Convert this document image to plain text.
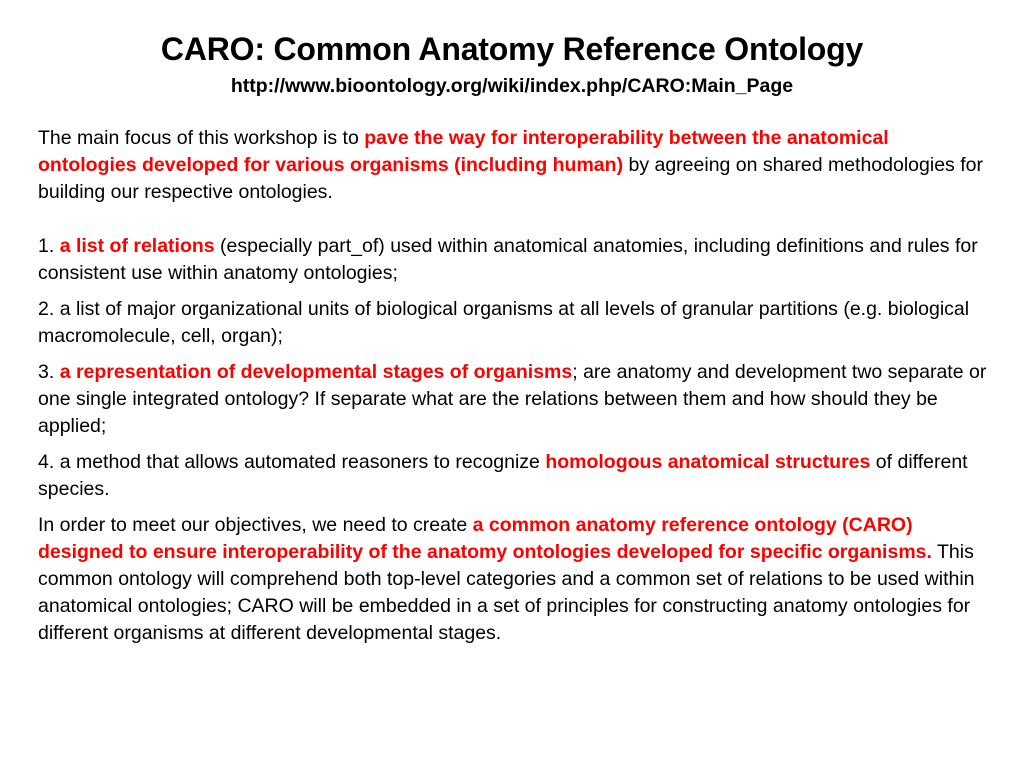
CARO: Common Anatomy Reference Ontology
http://www.bioontology.org/wiki/index.php/CARO:Main_Page

The main focus of this workshop is to pave the way for interoperability between the anatomical ontologies developed for various organisms (including human) by agreeing on shared methodologies for building our respective ontologies.

1. a list of relations (especially part_of) used within anatomical anatomies, including definitions and rules for consistent use within anatomy ontologies;

2. a list of major organizational units of biological organisms at all levels of granular partitions (e.g. biological macromolecule, cell, organ);

3. a representation of developmental stages of organisms; are anatomy and development two separate or one single integrated ontology? If separate what are the relations between them and how should they be applied;

4. a method that allows automated reasoners to recognize homologous anatomical structures of different species.

In order to meet our objectives, we need to create a common anatomy reference ontology (CARO) designed to ensure interoperability of the anatomy ontologies developed for specific organisms. This common ontology will comprehend both top-level categories and a common set of relations to be used within anatomical ontologies; CARO will be embedded in a set of principles for constructing anatomy ontologies for different organisms at different developmental stages.
